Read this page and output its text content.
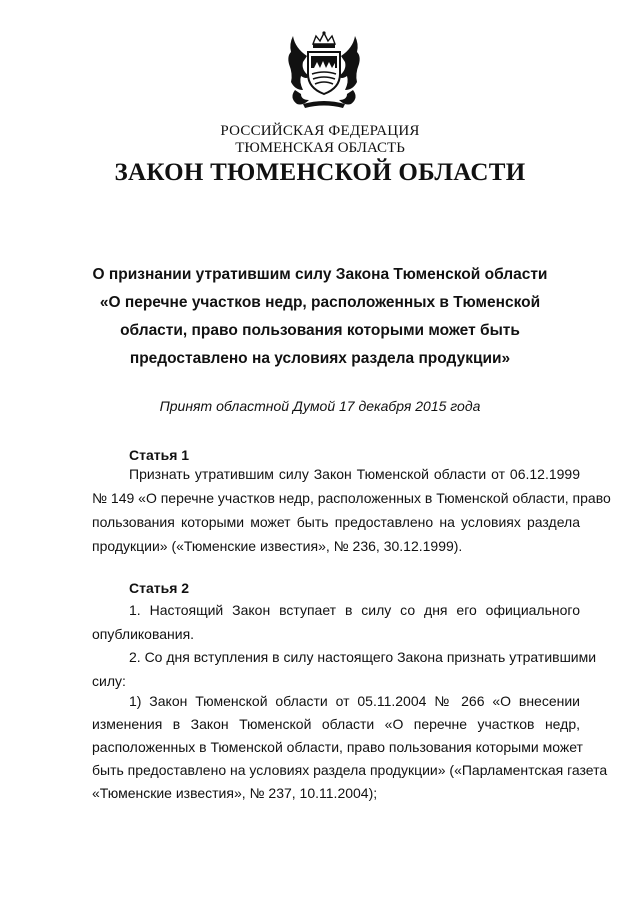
РОССИЙСКАЯ ФЕДЕРАЦИЯ
ТЮМЕНСКАЯ ОБЛАСТЬ
ЗАКОН ТЮМЕНСКОЙ ОБЛАСТИ
О признании утратившим силу Закона Тюменской области
«О перечне участков недр, расположенных в Тюменской
области, право пользования которыми может быть
предоставлено на условиях раздела продукции»
Принят областной Думой 17 декабря 2015 года
Статья 1
Признать утратившим силу Закон Тюменской области от 06.12.1999
№ 149 «О перечне участков недр, расположенных в Тюменской области, право
пользования которыми может быть предоставлено на условиях раздела
продукции» («Тюменские известия», № 236, 30.12.1999).
Статья 2
1. Настоящий Закон вступает в силу со дня его официального
опубликования.
2. Со дня вступления в силу настоящего Закона признать утратившими
силу:
1) Закон Тюменской области от 05.11.2004 № 266 «О внесении
изменения в Закон Тюменской области «О перечне участков недр,
расположенных в Тюменской области, право пользования которыми может
быть предоставлено на условиях раздела продукции» («Парламентская газета
«Тюменские известия», № 237, 10.11.2004);
